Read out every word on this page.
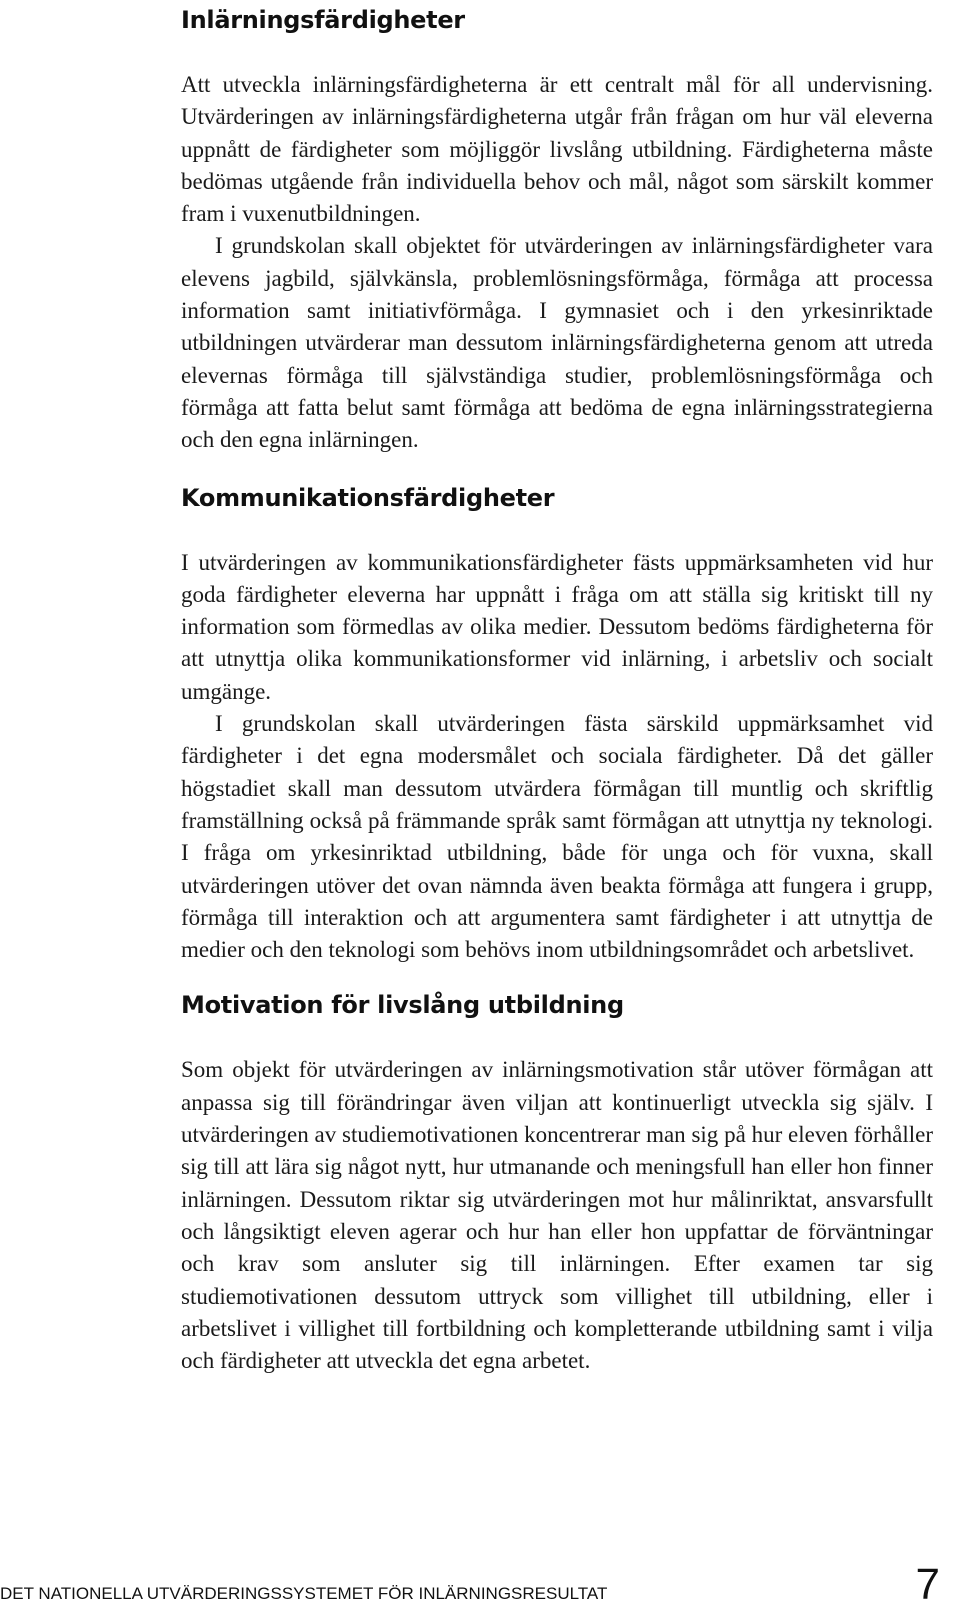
Inlärningsfärdigheter

Att utveckla inlärningsfärdigheterna är ett centralt mål för all undervisning. Utvärderingen av inlärningsfärdigheterna utgår från frågan om hur väl eleverna uppnått de färdigheter som möjliggör livslång utbildning. Färdigheterna måste bedömas utgående från individuella behov och mål, något som särskilt kommer fram i vuxenutbildningen.

I grundskolan skall objektet för utvärderingen av inlärningsfärdigheter vara elevens jagbild, självkänsla, problemlösningsförmåga, förmåga att processa information samt initiativförmåga. I gymnasiet och i den yrkesinriktade utbildningen utvärderar man dessutom inlärningsfärdigheterna genom att utreda elevernas förmåga till självständiga studier, problemlösningsförmåga och förmåga att fatta belut samt förmåga att bedöma de egna inlärningsstrategierna och den egna inlärningen.

Kommunikationsfärdigheter

I utvärderingen av kommunikationsfärdigheter fästs uppmärksamheten vid hur goda färdigheter eleverna har uppnått i fråga om att ställa sig kritiskt till ny information som förmedlas av olika medier. Dessutom bedöms färdigheterna för att utnyttja olika kommunikationsformer vid inlärning, i arbetsliv och socialt umgänge.

I grundskolan skall utvärderingen fästa särskild uppmärksamhet vid färdigheter i det egna modersmålet och sociala färdigheter. Då det gäller högstadiet skall man dessutom utvärdera förmågan till muntlig och skriftlig framställning också på främmande språk samt förmågan att utnyttja ny teknologi. I fråga om yrkesinriktad utbildning, både för unga och för vuxna, skall utvärderingen utöver det ovan nämnda även beakta förmåga att fungera i grupp, förmåga till interaktion och att argumentera samt färdigheter i att utnyttja de medier och den teknologi som behövs inom utbildningsområdet och arbetslivet.

Motivation för livslång utbildning

Som objekt för utvärderingen av inlärningsmotivation står utöver förmågan att anpassa sig till förändringar även viljan att kontinuerligt utveckla sig själv. I utvärderingen av studiemotivationen koncentrerar man sig på hur eleven förhåller sig till att lära sig något nytt, hur utmanande och meningsfull han eller hon finner inlärningen. Dessutom riktar sig utvärderingen mot hur målinriktat, ansvarsfullt och långsiktigt eleven agerar och hur han eller hon uppfattar de förväntningar och krav som ansluter sig till inlärningen. Efter examen tar sig studiemotivationen dessutom uttryck som villighet till utbildning, eller i arbetslivet i villighet till fortbildning och kompletterande utbildning samt i vilja och färdigheter att utveckla det egna arbetet.

DET NATIONELLA UTVÄRDERINGSSYSTEMET FÖR INLÄRNINGSRESULTAT	7
